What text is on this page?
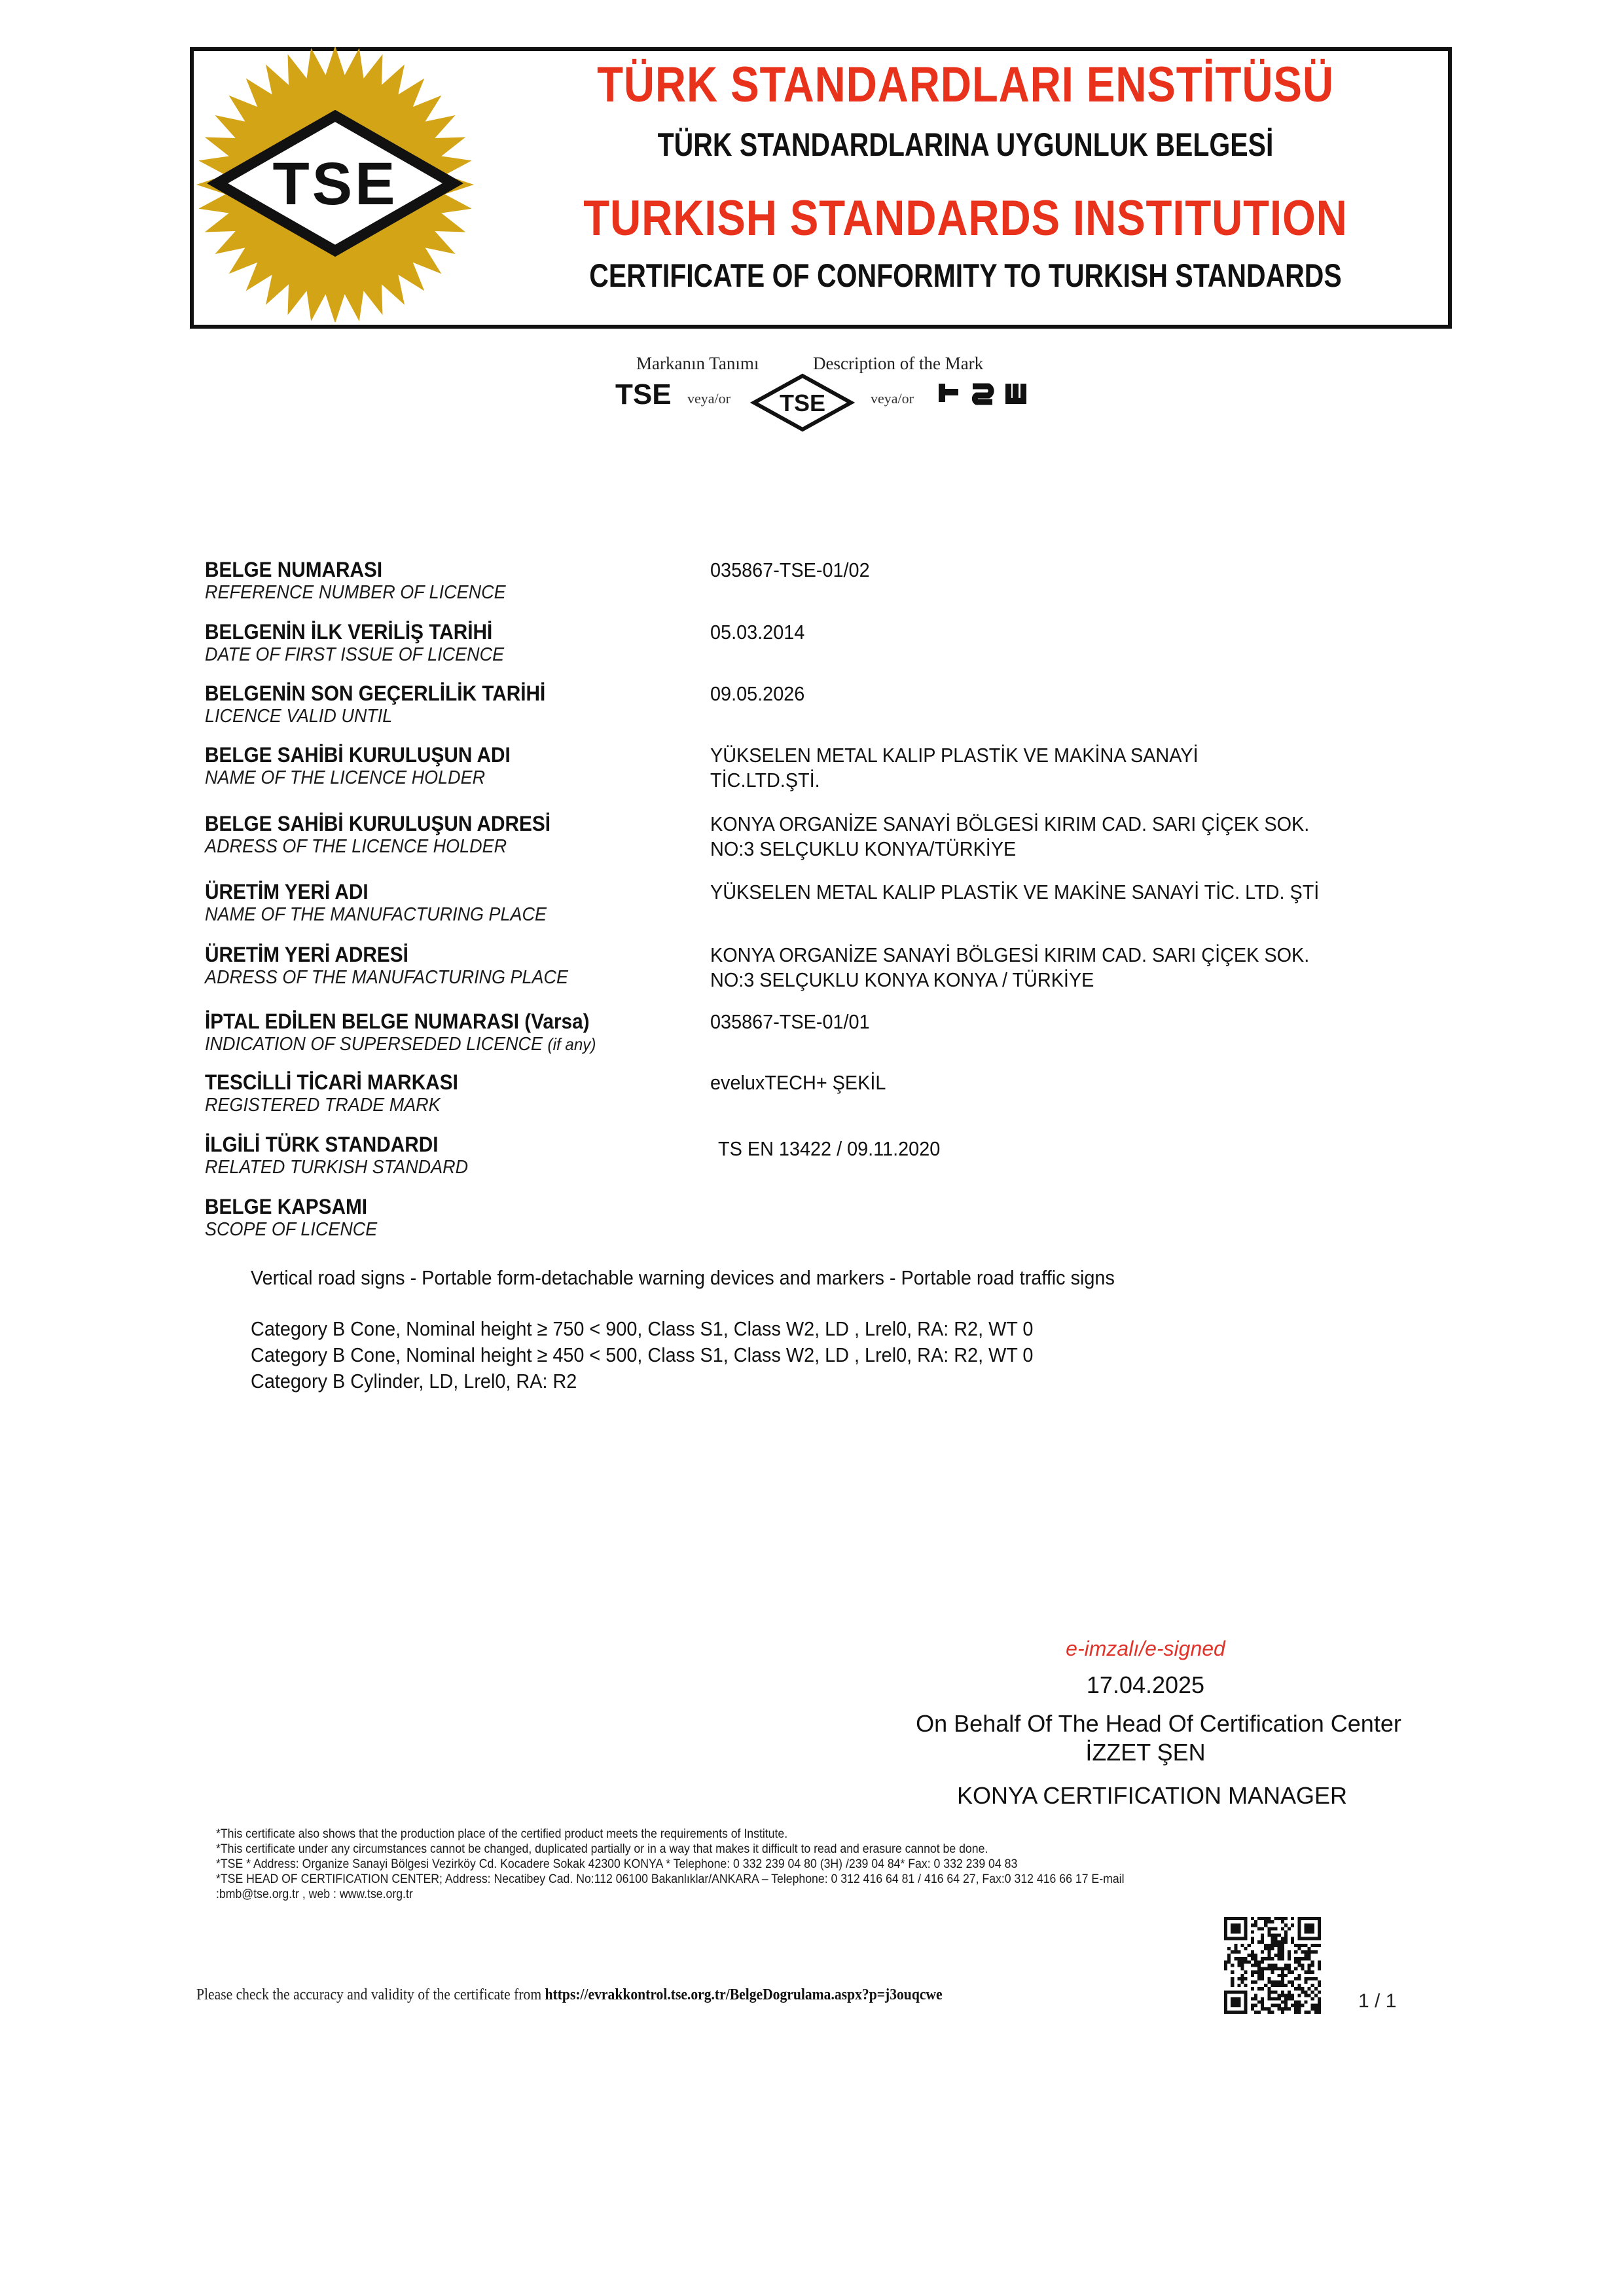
TSE
TÜRK STANDARDLARI ENSTİTÜSÜ
TÜRK STANDARDLARINA UYGUNLUK BELGESİ
TURKISH STANDARDS INSTITUTION
CERTIFICATE OF CONFORMITY TO TURKISH STANDARDS
Markanın Tanımı	Description of the Mark
TSE veya/or TSE	veya/or
BELGE NUMARASI
REFERENCE NUMBER OF LICENCE
035867-TSE-01/02
BELGENİN İLK VERİLİŞ TARİHİ
DATE OF FIRST ISSUE OF LICENCE
05.03.2014
BELGENİN SON GEÇERLİLİK TARİHİ
LICENCE VALID UNTIL
09.05.2026
BELGE SAHİBİ KURULUŞUN ADI
NAME OF THE LICENCE HOLDER
YÜKSELEN METAL KALIP PLASTİK VE MAKİNA SANAYİ
TİC.LTD.ŞTİ.
BELGE SAHİBİ KURULUŞUN ADRESİ
ADRESS OF THE LICENCE HOLDER
KONYA ORGANİZE SANAYİ BÖLGESİ KIRIM CAD. SARI ÇİÇEK SOK.
NO:3 SELÇUKLU KONYA/TÜRKİYE
ÜRETİM YERİ ADI
NAME OF THE MANUFACTURING PLACE
YÜKSELEN METAL KALIP PLASTİK VE MAKİNE SANAYİ TİC. LTD. ŞTİ
ÜRETİM YERİ ADRESİ
ADRESS OF THE MANUFACTURING PLACE
KONYA ORGANİZE SANAYİ BÖLGESİ KIRIM CAD. SARI ÇİÇEK SOK.
NO:3 SELÇUKLU KONYA KONYA / TÜRKİYE
İPTAL EDİLEN BELGE NUMARASI (Varsa)
INDICATION OF SUPERSEDED LICENCE (if any)
035867-TSE-01/01
TESCİLLİ TİCARİ MARKASI
REGISTERED TRADE MARK
eveluxTECH+ ŞEKİL
İLGİLİ TÜRK STANDARDI
RELATED TURKISH STANDARD
TS EN 13422 / 09.11.2020
BELGE KAPSAMI
SCOPE OF LICENCE
Vertical road signs - Portable form-detachable warning devices and markers - Portable road traffic signs
Category B Cone, Nominal height ≥ 750 < 900, Class S1, Class W2, LD , Lrel0, RA: R2, WT 0
Category B Cone, Nominal height ≥ 450 < 500, Class S1, Class W2, LD , Lrel0, RA: R2, WT 0
Category B Cylinder, LD, Lrel0, RA: R2
e-imzalı/e-signed
17.04.2025
On Behalf Of The Head Of Certification Center
İZZET ŞEN
KONYA CERTIFICATION MANAGER
*This certificate also shows that the production place of the certified product meets the requirements of Institute.
*This certificate under any circumstances cannot be changed, duplicated partially or in a way that makes it difficult to read and erasure cannot be done.
*TSE * Address: Organize Sanayi Bölgesi Vezirköy Cd. Kocadere Sokak 42300 KONYA * Telephone: 0 332 239 04 80 (3H) /239 04 84* Fax: 0 332 239 04 83
*TSE HEAD OF CERTIFICATION CENTER; Address: Necatibey Cad. No:112 06100 Bakanlıklar/ANKARA – Telephone: 0 312 416 64 81 / 416 64 27, Fax:0 312 416 66 17 E-mail
:bmb@tse.org.tr , web : www.tse.org.tr
Please check the accuracy and validity of the certificate from https://evrakkontrol.tse.org.tr/BelgeDogrulama.aspx?p=j3ouqcwe	1 / 1
